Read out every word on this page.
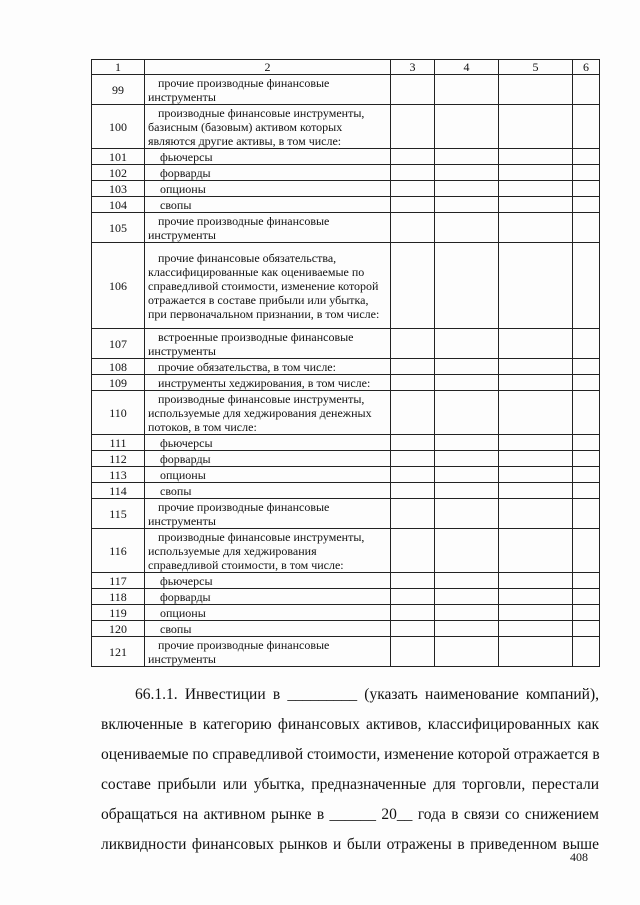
1	2	3	4	5	6
99	прочие производные финансовые инструменты				

100	производные финансовые инструменты, базисным (базовым) активом которых являются другие активы, в том числе:				

101	фьючерсы				

102	форварды				

103	опционы				

104	свопы				

105	прочие производные финансовые инструменты				

106	прочие финансовые обязательства, классифицированные как оцениваемые по справедливой стоимости, изменение которой отражается в составе прибыли или убытка, при первоначальном признании, в том числе:				

107	встроенные производные финансовые инструменты				

108	прочие обязательства, в том числе:				

109	инструменты хеджирования, в том числе:				

110	производные финансовые инструменты, используемые для хеджирования денежных потоков, в том числе:				

111	фьючерсы				

112	форварды				

113	опционы				

114	свопы				

115	прочие производные финансовые инструменты				

116	производные финансовые инструменты, используемые для хеджирования справедливой стоимости, в том числе:				

117	фьючерсы				

118	форварды				

119	опционы				

120	свопы				

121	прочие производные финансовые инструменты				

66.1.1. Инвестиции в _________ (указать наименование компаний),
включенные в категорию финансовых активов, классифицированных как
оцениваемые по справедливой стоимости, изменение которой отражается в
составе прибыли или убытка, предназначенные для торговли, перестали
обращаться на активном рынке в ______ 20__ года в связи со снижением
ликвидности финансовых рынков и были отражены в приведенном выше
408
